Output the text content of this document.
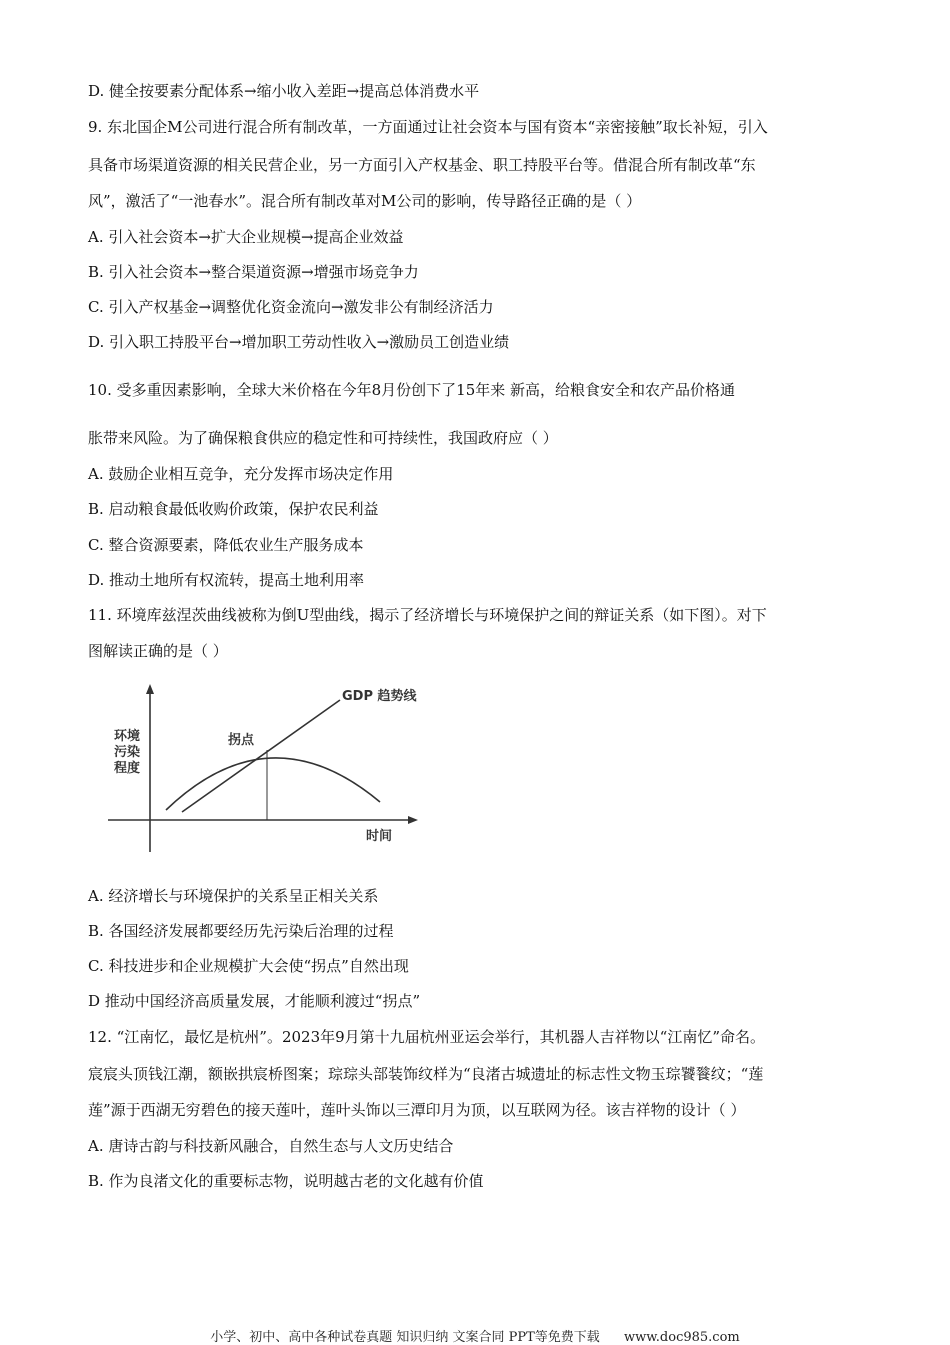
D. 健全按要素分配体系→缩小收入差距→提高总体消费水平
9. 东北国企M公司进行混合所有制改革，一方面通过让社会资本与国有资本“亲密接触”取长补短，引入
具备市场渠道资源的相关民营企业，另一方面引入产权基金、职工持股平台等。借混合所有制改革“东
风”，激活了“一池春水”。混合所有制改革对M公司的影响，传导路径正确的是（ ）
A. 引入社会资本→扩大企业规模→提高企业效益
B. 引入社会资本→整合渠道资源→增强市场竞争力
C. 引入产权基金→调整优化资金流向→激发非公有制经济活力
D. 引入职工持股平台→增加职工劳动性收入→激励员工创造业绩
10. 受多重因素影响，全球大米价格在今年8月份创下了15年来 新高，给粮食安全和农产品价格通
胀带来风险。为了确保粮食供应的稳定性和可持续性，我国政府应（ ）
A. 鼓励企业相互竞争，充分发挥市场决定作用
B. 启动粮食最低收购价政策，保护农民利益
C. 整合资源要素，降低农业生产服务成本
D. 推动土地所有权流转，提高土地利用率
11. 环境库兹涅茨曲线被称为倒U型曲线，揭示了经济增长与环境保护之间的辩证关系（如下图）。对下
图解读正确的是（ ）
GDP 趋势线
拐点
环境
污染
程度
时间
A. 经济增长与环境保护的关系呈正相关关系
B. 各国经济发展都要经历先污染后治理的过程
C. 科技进步和企业规模扩大会使“拐点”自然出现
D 推动中国经济高质量发展，才能顺利渡过“拐点”
12. “江南忆，最忆是杭州”。2023年9月第十九届杭州亚运会举行，其机器人吉祥物以“江南忆”命名。
宸宸头顶钱江潮，额嵌拱宸桥图案；琮琮头部装饰纹样为“良渚古城遗址的标志性文物玉琮饕餮纹；“莲
莲”源于西湖无穷碧色的接天莲叶，莲叶头饰以三潭印月为顶，以互联网为径。该吉祥物的设计（ ）
A. 唐诗古韵与科技新风融合，自然生态与人文历史结合
B. 作为良渚文化的重要标志物，说明越古老的文化越有价值
小学、初中、高中各种试卷真题 知识归纳 文案合同 PPT等免费下载 www.doc985.com
